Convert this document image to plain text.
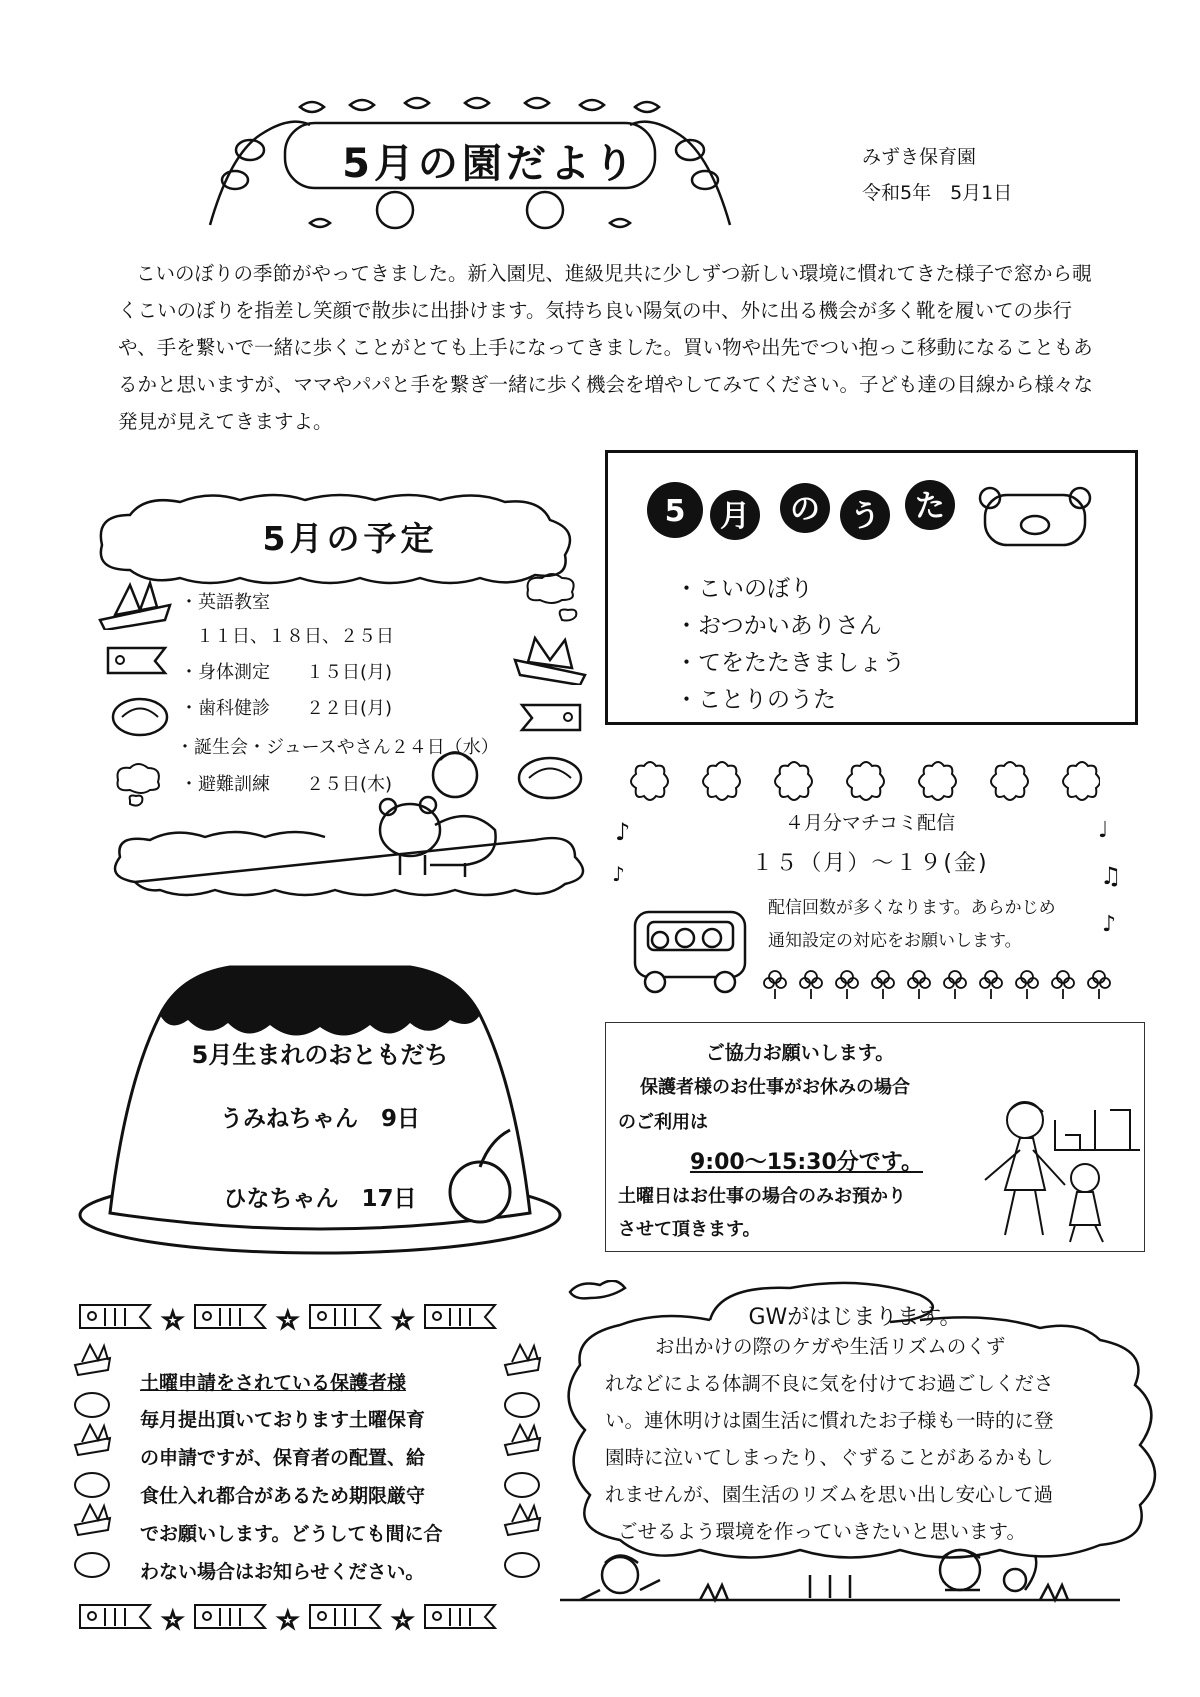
5月の園だより	みずき保育園
令和5年　5月1日

こいのぼりの季節がやってきました。新入園児、進級児共に少しずつ新しい環境に慣れてきた様子で窓から覗くこいのぼりを指差し笑顔で散歩に出掛けます。気持ち良い陽気の中、外に出る機会が多く靴を履いての歩行や、手を繋いで一緒に歩くことがとても上手になってきました。買い物や出先でつい抱っこ移動になることもあるかと思いますが、ママやパパと手を繋ぎ一緒に歩く機会を増やしてみてください。子ども達の目線から様々な発見が見えてきますよ。

5月の予定
・英語教室
１１日、１８日、２５日
・身体測定　　１５日(月)
・歯科健診　　２２日(月)
・誕生会・ジュースやさん２４日（水）
・避難訓練　　２５日(木)
5 月 の う た
・こいのぼり
・おつかいありさん
・てをたたきましょう
・ことりのうた
４月分マチコミ配信
１５（月）～１９(金)
配信回数が多くなります。あらかじめ
通知設定の対応をお願いします。
♪
♪
♩
♫
♪
5月生まれのおともだち
うみねちゃん　9日
ひなちゃん　17日
ご協力お願いします。
保護者様のお仕事がお休みの場合
のご利用は
9:00～15:30分です。
土曜日はお仕事の場合のみお預かり
させて頂きます。
☆	☆	☆
☆	☆	☆
土曜申請をされている保護者様
毎月提出頂いております土曜保育
の申請ですが、保育者の配置、給
食仕入れ都合があるため期限厳守
でお願いします。どうしても間に合
わない場合はお知らせください。
GWがはじまります。
お出かけの際のケガや生活リズムのくず
れなどによる体調不良に気を付けてお過ごしくださ
い。連休明けは園生活に慣れたお子様も一時的に登
園時に泣いてしまったり、ぐずることがあるかもし
れませんが、園生活のリズムを思い出し安心して過
ごせるよう環境を作っていきたいと思います。
